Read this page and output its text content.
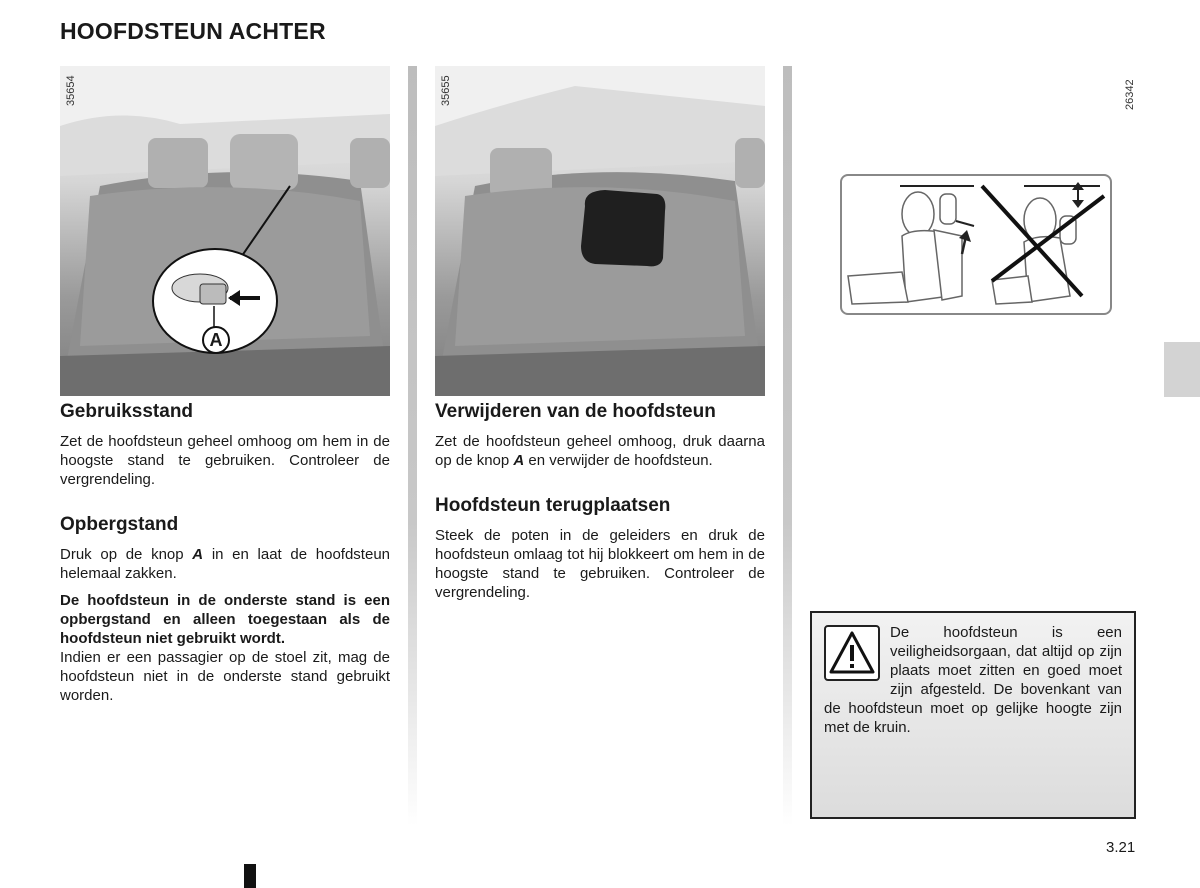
HOOFDSTEUN ACHTER
35654
A
Gebruiksstand

Zet de hoofdsteun geheel omhoog om hem in de hoogste stand te gebruiken. Controleer de vergrendeling.

Opbergstand

Druk op de knop A in en laat de hoofdsteun helemaal zakken.

De hoofdsteun in de onderste stand is een opbergstand en alleen toegestaan als de hoofdsteun niet gebruikt wordt.

Indien er een passagier op de stoel zit, mag de hoofdsteun niet in de onderste stand gebruikt worden.

35655
Verwijderen van de hoofdsteun

Zet de hoofdsteun geheel omhoog, druk daarna op de knop A en verwijder de hoofdsteun.

Hoofdsteun terugplaatsen

Steek de poten in de geleiders en druk de hoofdsteun omlaag tot hij blokkeert om hem in de hoogste stand te gebruiken. Controleer de vergrendeling.

26342

De hoofdsteun is een veiligheidsorgaan, dat altijd op zijn plaats moet zitten en goed moet zijn afgesteld. De bovenkant van de hoofdsteun moet op gelijke hoogte zijn met de kruin.

3.21
